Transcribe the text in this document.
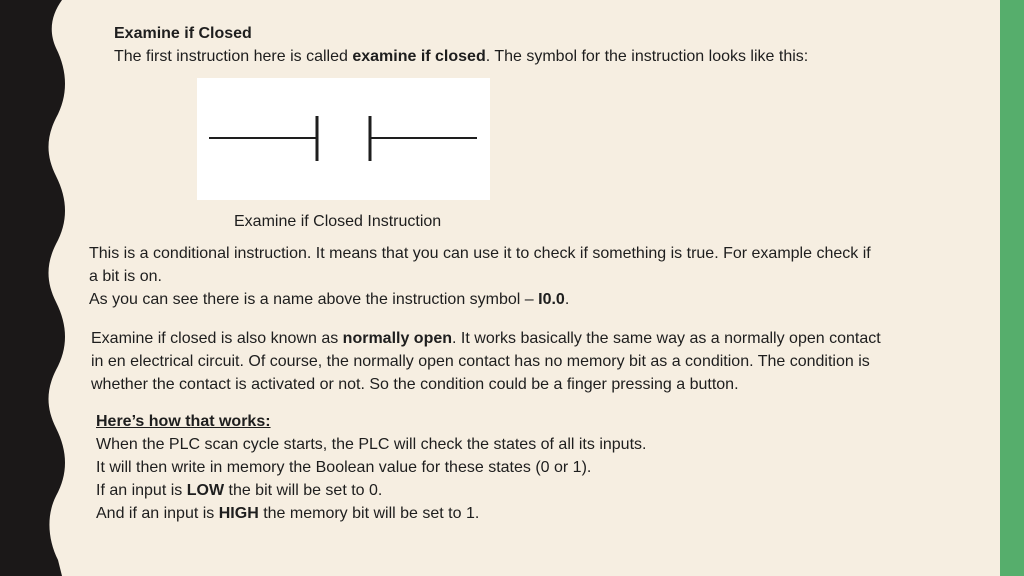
Examine if Closed
The first instruction here is called examine if closed. The symbol for the instruction looks like this:
Examine if Closed Instruction
This is a conditional instruction. It means that you can use it to check if something is true. For example check if
a bit is on.
As you can see there is a name above the instruction symbol – I0.0.
Examine if closed is also known as normally open. It works basically the same way as a normally open contact
in en electrical circuit. Of course, the normally open contact has no memory bit as a condition. The condition is
whether the contact is activated or not. So the condition could be a finger pressing a button.
Here’s how that works:
When the PLC scan cycle starts, the PLC will check the states of all its inputs.
It will then write in memory the Boolean value for these states (0 or 1).
If an input is LOW the bit will be set to 0.
And if an input is HIGH the memory bit will be set to 1.
